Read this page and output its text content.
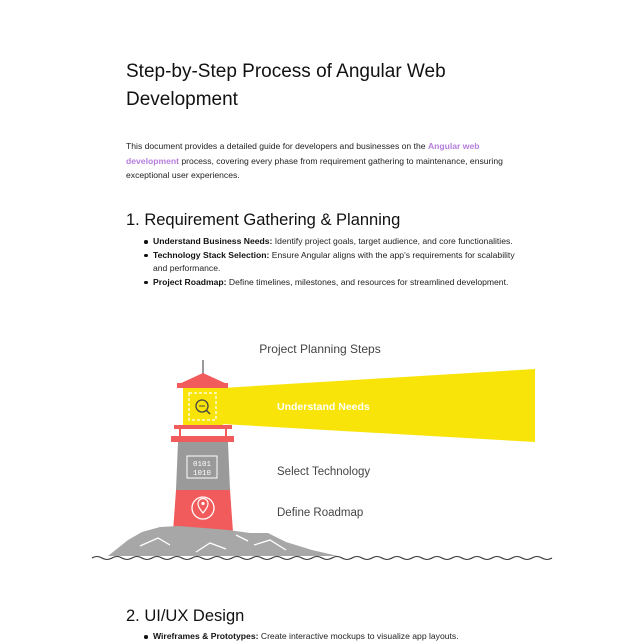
Step-by-Step Process of Angular Web Development

This document provides a detailed guide for developers and businesses on the Angular web development process, covering every phase from requirement gathering to maintenance, ensuring exceptional user experiences.

1. Requirement Gathering & Planning
Understand Business Needs: Identify project goals, target audience, and core functionalities.
Technology Stack Selection: Ensure Angular aligns with the app's requirements for scalability and performance.
Project Roadmap: Define timelines, milestones, and resources for streamlined development.
Project Planning Steps
0101
1010
Understand Needs
Select Technology
Define Roadmap
2. UI/UX Design
Wireframes & Prototypes: Create interactive mockups to visualize app layouts.
